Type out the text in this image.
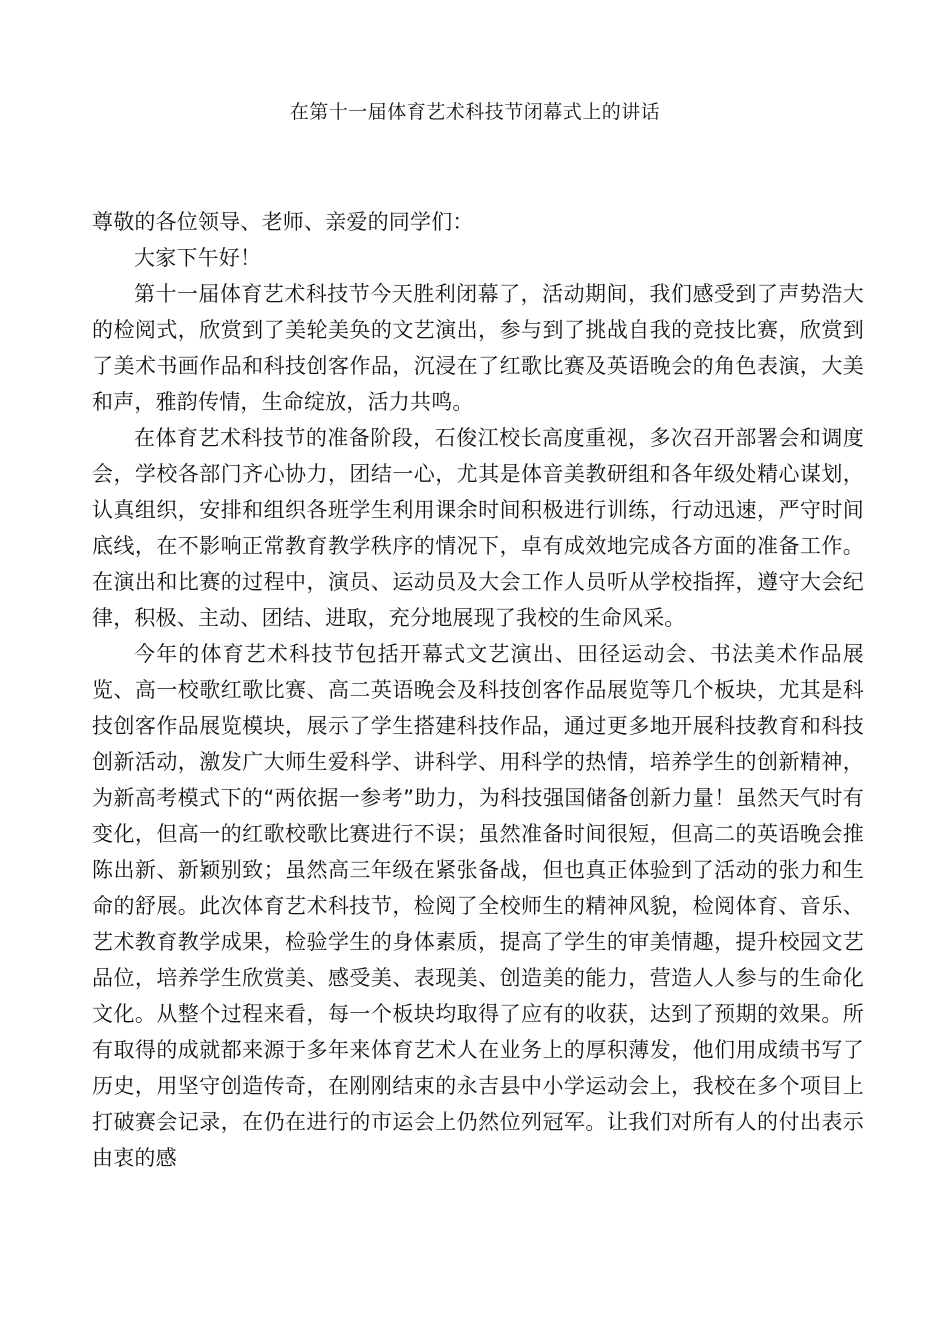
在第十一届体育艺术科技节闭幕式上的讲话

尊敬的各位领导、老师、亲爱的同学们：

大家下午好！

第十一届体育艺术科技节今天胜利闭幕了，活动期间，我们感受到了声势浩大的检阅式，欣赏到了美轮美奂的文艺演出，参与到了挑战自我的竞技比赛，欣赏到了美术书画作品和科技创客作品，沉浸在了红歌比赛及英语晚会的角色表演，大美和声，雅韵传情，生命绽放，活力共鸣。

在体育艺术科技节的准备阶段，石俊江校长高度重视，多次召开部署会和调度会，学校各部门齐心协力，团结一心，尤其是体音美教研组和各年级处精心谋划，认真组织，安排和组织各班学生利用课余时间积极进行训练，行动迅速，严守时间底线，在不影响正常教育教学秩序的情况下，卓有成效地完成各方面的准备工作。在演出和比赛的过程中，演员、运动员及大会工作人员听从学校指挥，遵守大会纪律，积极、主动、团结、进取，充分地展现了我校的生命风采。

今年的体育艺术科技节包括开幕式文艺演出、田径运动会、书法美术作品展览、高一校歌红歌比赛、高二英语晚会及科技创客作品展览等几个板块，尤其是科技创客作品展览模块，展示了学生搭建科技作品，通过更多地开展科技教育和科技创新活动，激发广大师生爱科学、讲科学、用科学的热情，培养学生的创新精神，为新高考模式下的“两依据一参考”助力，为科技强国储备创新力量！虽然天气时有变化，但高一的红歌校歌比赛进行不误；虽然准备时间很短，但高二的英语晚会推陈出新、新颖别致；虽然高三年级在紧张备战，但也真正体验到了活动的张力和生命的舒展。此次体育艺术科技节，检阅了全校师生的精神风貌，检阅体育、音乐、艺术教育教学成果，检验学生的身体素质，提高了学生的审美情趣，提升校园文艺品位，培养学生欣赏美、感受美、表现美、创造美的能力，营造人人参与的生命化文化。从整个过程来看，每一个板块均取得了应有的收获，达到了预期的效果。所有取得的成就都来源于多年来体育艺术人在业务上的厚积薄发，他们用成绩书写了历史，用坚守创造传奇，在刚刚结束的永吉县中小学运动会上，我校在多个项目上打破赛会记录，在仍在进行的市运会上仍然位列冠军。让我们对所有人的付出表示由衷的感
